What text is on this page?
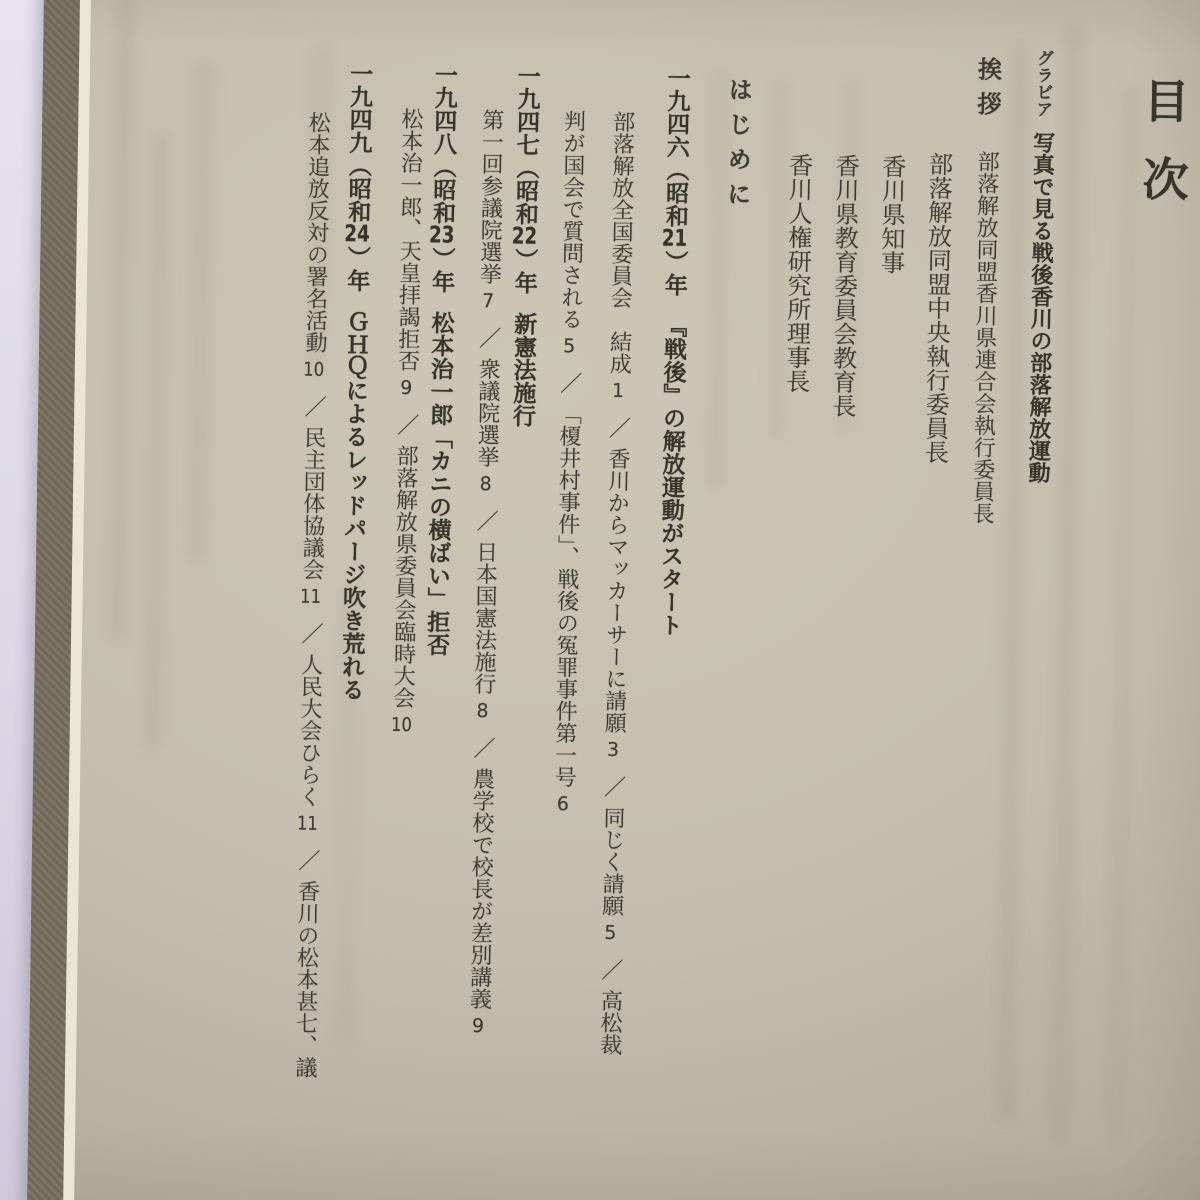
目次
グラビア写真で見る戦後香川の部落解放運動
挨拶部落解放同盟香川県連合会執行委員長
部落解放同盟中央執行委員長
香川県知事
香川県教育委員会教育長
香川人権研究所理事長
はじめに
一九四六（昭和21）年『戦後』の解放運動がスタート
部落解放全国委員会　結成1／香川からマッカーサーに請願3／同じく請願5／高松裁
判が国会で質問される5／「榎井村事件」、戦後の冤罪事件第一号6
一九四七（昭和22）年新憲法施行
第一回参議院選挙7／衆議院選挙8／日本国憲法施行8／農学校で校長が差別講義9
一九四八（昭和23）年松本治一郎「カニの横ばい」拒否
松本治一郎、天皇拝謁拒否9／部落解放県委員会臨時大会10
一九四九（昭和24）年ＧＨＱによるレッドパージ吹き荒れる
松本追放反対の署名活動10／民主団体協議会11／人民大会ひらく11／香川の松本甚七、議
